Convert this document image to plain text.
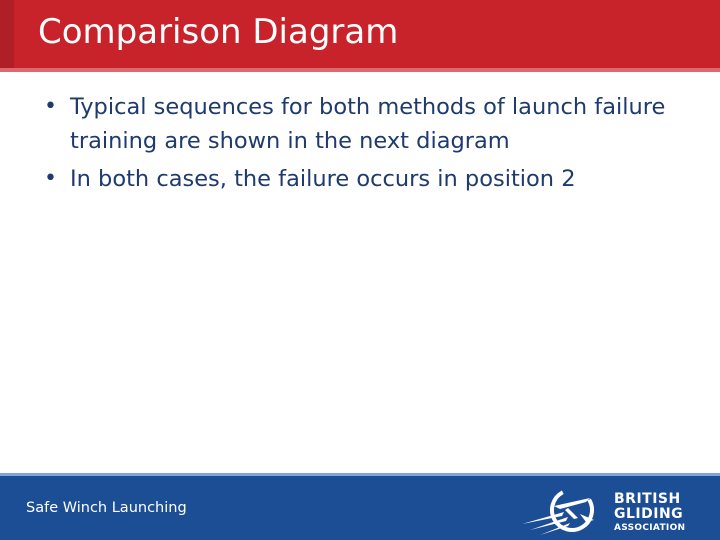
Comparison Diagram
• Typical sequences for both methods of launch failure training are shown in the next diagram
• In both cases, the failure occurs in position 2
Safe Winch Launching
BRITISH
GLIDING
ASSOCIATION
